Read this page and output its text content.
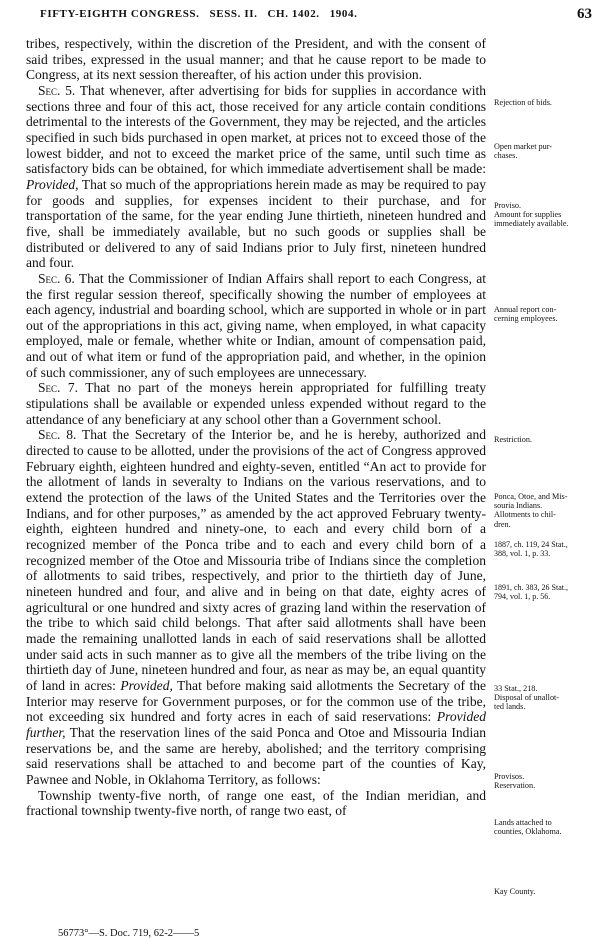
FIFTY-EIGHTH CONGRESS.   SESS. II.   CH. 1402.   1904.	63

tribes, respectively, within the discretion of the President, and with the consent of said tribes, expressed in the usual manner; and that he cause report to be made to Congress, at its next session thereafter, of his action under this provision.

Sec. 5. That whenever, after advertising for bids for supplies in accordance with sections three and four of this act, those received for any article contain conditions detrimental to the interests of the Government, they may be rejected, and the articles specified in such bids purchased in open market, at prices not to exceed those of the lowest bidder, and not to exceed the market price of the same, until such time as satisfactory bids can be obtained, for which immediate advertisement shall be made: Provided, That so much of the appropriations herein made as may be required to pay for goods and supplies, for expenses incident to their purchase, and for transportation of the same, for the year ending June thirtieth, nineteen hundred and five, shall be immediately available, but no such goods or supplies shall be distributed or delivered to any of said Indians prior to July first, nineteen hundred and four.

Sec. 6. That the Commissioner of Indian Affairs shall report to each Congress, at the first regular session thereof, specifically showing the number of employees at each agency, industrial and boarding school, which are supported in whole or in part out of the appropriations in this act, giving name, when employed, in what capacity employed, male or female, whether white or Indian, amount of compensation paid, and out of what item or fund of the appropriation paid, and whether, in the opinion of such commissioner, any of such employees are unnecessary.

Sec. 7. That no part of the moneys herein appropriated for fulfilling treaty stipulations shall be available or expended unless expended without regard to the attendance of any beneficiary at any school other than a Government school.

Sec. 8. That the Secretary of the Interior be, and he is hereby, authorized and directed to cause to be allotted, under the provisions of the act of Congress approved February eighth, eighteen hundred and eighty-seven, entitled “An act to provide for the allotment of lands in severalty to Indians on the various reservations, and to extend the protection of the laws of the United States and the Territories over the Indians, and for other purposes,” as amended by the act approved February twenty-eighth, eighteen hundred and ninety-one, to each and every child born of a recognized member of the Ponca tribe and to each and every child born of a recognized member of the Otoe and Missouria tribe of Indians since the completion of allotments to said tribes, respectively, and prior to the thirtieth day of June, nineteen hundred and four, and alive and in being on that date, eighty acres of agricultural or one hundred and sixty acres of grazing land within the reservation of the tribe to which said child belongs. That after said allotments shall have been made the remaining unallotted lands in each of said reservations shall be allotted under said acts in such manner as to give all the members of the tribe living on the thirtieth day of June, nineteen hundred and four, as near as may be, an equal quantity of land in acres: Provided, That before making said allotments the Secretary of the Interior may reserve for Government purposes, or for the common use of the tribe, not exceeding six hundred and forty acres in each of said reservations: Provided further, That the reservation lines of the said Ponca and Otoe and Missouria Indian reservations be, and the same are hereby, abolished; and the territory comprising said reservations shall be attached to and become part of the counties of Kay, Pawnee and Noble, in Oklahoma Territory, as follows:

Township twenty-five north, of range one east, of the Indian meridian, and fractional township twenty-five north, of range two east, of

Rejection of bids.
Open market pur-
chases.
Proviso.
Amount for supplies
immediately available.
Annual report con-
cerning employees.
Restriction.
Ponca, Otoe, and Mis-
souria Indians.
Allotments to chil-
dren.
1887, ch. 119, 24 Stat.,
388, vol. 1, p. 33.
1891, ch. 383, 26 Stat.,
794, vol. 1, p. 56.
33 Stat., 218.
Disposal of unallot-
ted lands.
Provisos.
Reservation.
Lands attached to
counties, Oklahoma.
Kay County.
56773°—S. Doc. 719, 62-2——5
